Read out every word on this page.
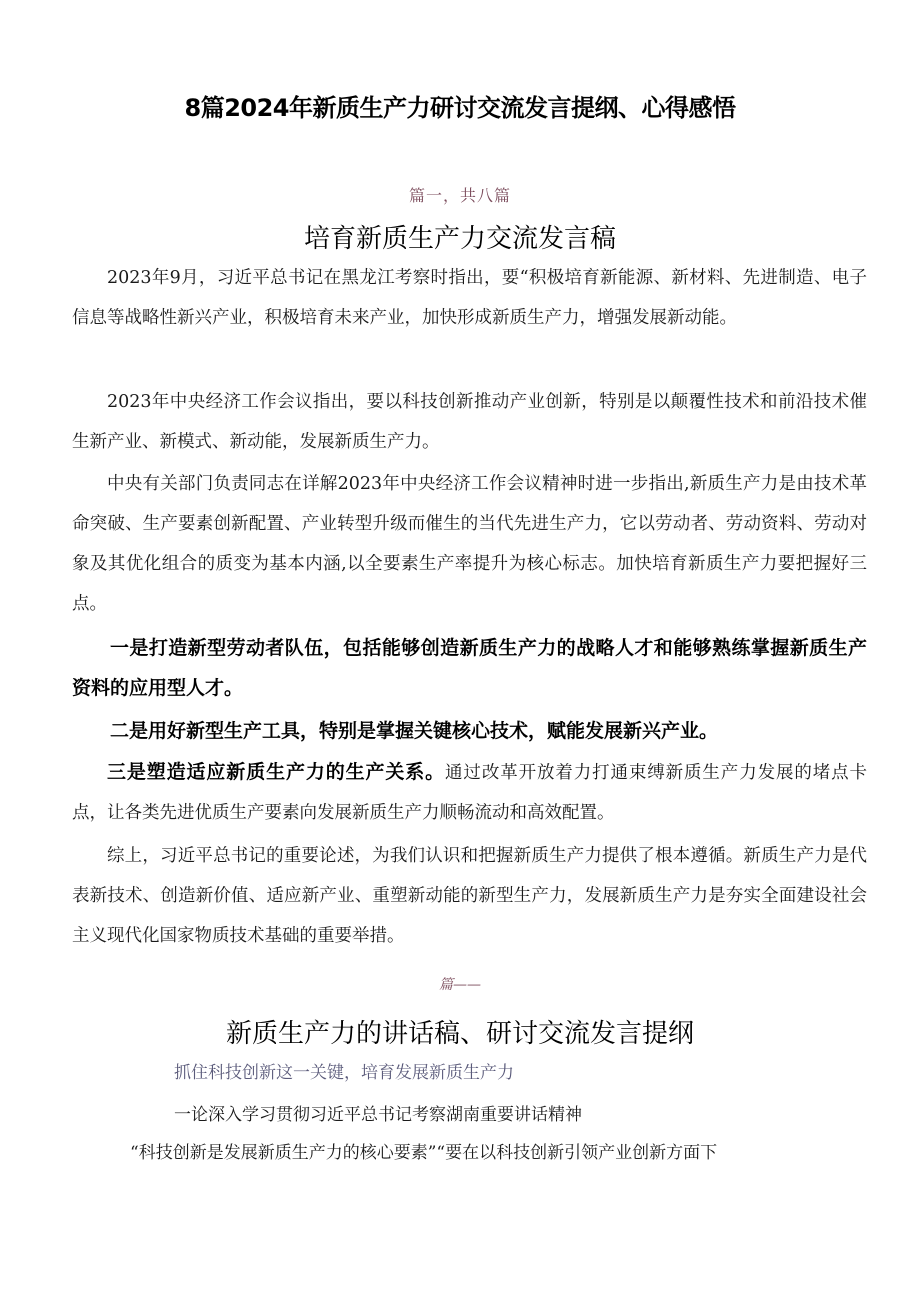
8篇2024年新质生产力研讨交流发言提纲、心得感悟
篇一，共八篇
培育新质生产力交流发言稿

2023年9月，习近平总书记在黑龙江考察时指出，要“积极培育新能源、新材料、先进制造、电子信息等战略性新兴产业，积极培育未来产业，加快形成新质生产力，增强发展新动能。

2023年中央经济工作会议指出，要以科技创新推动产业创新，特别是以颠覆性技术和前沿技术催生新产业、新模式、新动能，发展新质生产力。

中央有关部门负责同志在详解2023年中央经济工作会议精神时进一步指出,新质生产力是由技术革命突破、生产要素创新配置、产业转型升级而催生的当代先进生产力，它以劳动者、劳动资料、劳动对象及其优化组合的质变为基本内涵,以全要素生产率提升为核心标志。加快培育新质生产力要把握好三点。

一是打造新型劳动者队伍，包括能够创造新质生产力的战略人才和能够熟练掌握新质生产资料的应用型人才。

二是用好新型生产工具，特别是掌握关键核心技术，赋能发展新兴产业。

三是塑造适应新质生产力的生产关系。通过改革开放着力打通束缚新质生产力发展的堵点卡点，让各类先进优质生产要素向发展新质生产力顺畅流动和高效配置。

综上，习近平总书记的重要论述，为我们认识和把握新质生产力提供了根本遵循。新质生产力是代表新技术、创造新价值、适应新产业、重塑新动能的新型生产力，发展新质生产力是夯实全面建设社会主义现代化国家物质技术基础的重要举措。

篇——
新质生产力的讲话稿、研讨交流发言提纲
抓住科技创新这一关键，培育发展新质生产力
一论深入学习贯彻习近平总书记考察湖南重要讲话精神
“科技创新是发展新质生产力的核心要素”“要在以科技创新引领产业创新方面下
